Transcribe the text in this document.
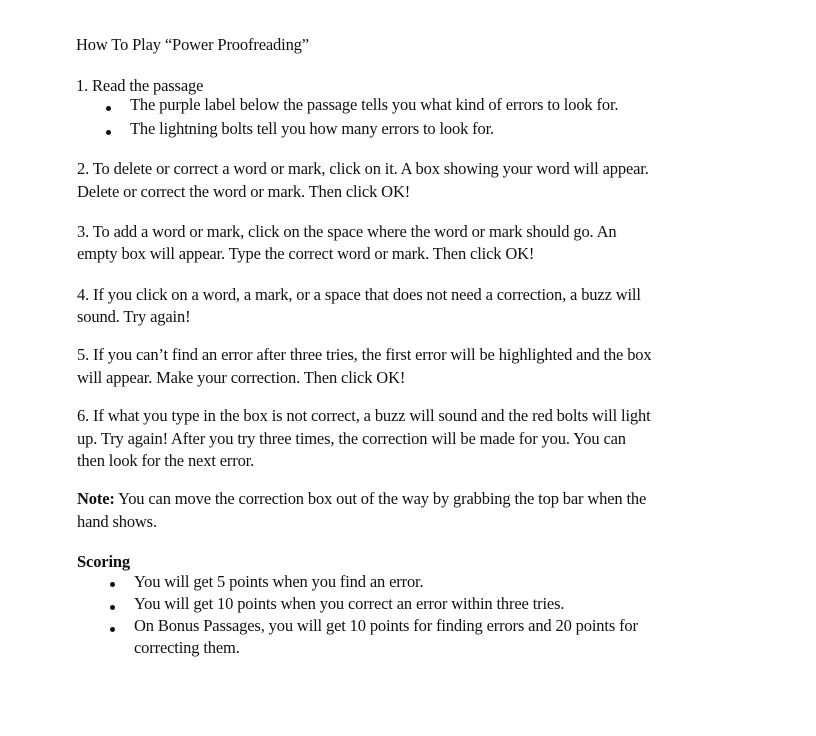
How To Play “Power Proofreading”
1. Read the passage
The purple label below the passage tells you what kind of errors to look for.
The lightning bolts tell you how many errors to look for.
2. To delete or correct a word or mark, click on it. A box showing your word will appear.
Delete or correct the word or mark. Then click OK!
3. To add a word or mark, click on the space where the word or mark should go. An
empty box will appear. Type the correct word or mark. Then click OK!
4. If you click on a word, a mark, or a space that does not need a correction, a buzz will
sound. Try again!
5. If you can’t find an error after three tries, the first error will be highlighted and the box
will appear. Make your correction. Then click OK!
6. If what you type in the box is not correct, a buzz will sound and the red bolts will light
up. Try again! After you try three times, the correction will be made for you. You can
then look for the next error.
Note: You can move the correction box out of the way by grabbing the top bar when the
hand shows.
Scoring
You will get 5 points when you find an error.
You will get 10 points when you correct an error within three tries.
On Bonus Passages, you will get 10 points for finding errors and 20 points for
correcting them.
